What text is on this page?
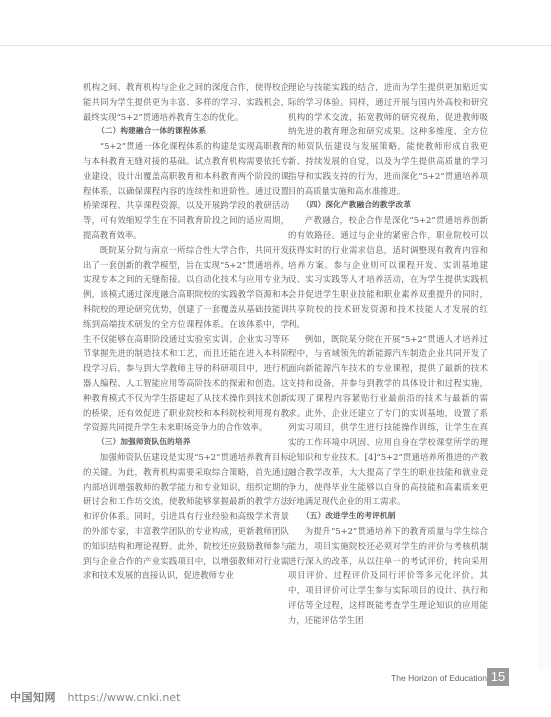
机构之间、教育机构与企业之间的深度合作，使得校企能共同为学生提供更为丰富、多样的学习、实践机会，最终实现“5+2”贯通培养教育生态的优化。

（二）构建融合一体的课程体系

“5+2”贯通一体化课程体系的构建是实现高职教育与本科教育无缝对接的基础。试点教育机构需要依托专业建设，设计出覆盖高职教育和本科教育两个阶段的课程体系，以确保课程内容的连续性和进阶性。通过设置桥梁课程、共享课程资源，以及开展跨学段的教研活动等，可有效缩短学生在不同教育阶段之间的适应周期，提高教育效率。

既院某分院与南京一所综合性大学合作，共同开发出了一套创新的教学模型，旨在实现“5+2”贯通培养，实现专本之间的无缝衔接。以自动化技术与应用专业为例，该模式通过深度融合高职院校的实践教学资源和本科院校的理论研究优势，创建了一套覆盖从基础技能训练到高端技术研发的全方位课程体系。在该体系中，学生不仅能够在高职阶段通过实验室实训、企业实习等环节掌握先进的制造技术和工艺，而且还能在进入本科阶段学习后，参与到大学教师主导的科研项目中，进行机器人编程、人工智能应用等高阶技术的探索和创造。这种教育模式不仅为学生搭建起了从技术操作到技术创新的桥梁，还有效促进了职业院校和本科院校利用现有教学资源共同提升学生未来职场竞争力的合作效率。

（三）加强师资队伍的培养

加强师资队伍建设是实现“5+2”贯通培养教育目标的关键。为此，教育机构需要采取综合策略，首先通过内部培训增强教师的教学能力和专业知识，组织定期的研讨会和工作坊交流，使教师能够掌握最新的教学方法和评价体系。同时，引进具有行业经验和高级学术背景的外部专家，丰富教学团队的专业构成，更新教师团队的知识结构和理论视野。此外，院校还应鼓励教师参与到与企业合作的产业实践项目中，以增强教师对行业需求和技术发展的直接认识，促进教师专业

理论与技能实践的结合，进而为学生提供更加贴近实际的学习体验。同样，通过开展与国内外高校和研究机构的学术交流，拓宽教师的研究视角，促进教师吸纳先进的教育理念和研究成果。这种多维度、全方位的师资队伍建设与发展策略，能使教师形成自我更新、持续发展的自觉，以及为学生提供高质量的学习指导和实践支持的行为，进而深化“5+2”贯通培养项目的高质量实施和高水准推进。

（四）深化产教融合的教学改革

产教融合，校企合作是深化“5+2”贯通培养创新的有效路径。通过与企业的紧密合作，职业院校可以获得实时的行业需求信息，适时调整现有教育内容和培养方案。参与企业则可以课程开发、实训基地建设、实习实践等人才培养活动，在为学生提供实践机会并促进学生职业技能和职业素养双重提升的同时，共享院校的技术研发资源和技术技能人才发展的红利。

例如，既院某分院在开展“5+2”贯通人才培养过程中，与省域领先的新能源汽车制造企业共同开发了面向新能源汽车技术的专业课程，提供了最新的技术支持和设备，并参与到教学的具体设计和过程实施，实现了课程内容紧贴行业最前沿的技术与最新的需求。此外，企业还建立了专门的实训基地，设置了系列实习项目，供学生进行技能操作训练，让学生在真实的工作环境中巩固、应用自身在学校课堂所学的理论知识和专业技术。[4]“5+2”贯通培养所推进的产教融合教学改革，大大提高了学生的职业技能和就业竞争力，使得毕业生能够以自身的高技能和高素质来更好地满足现代企业的用工需求。

（五）改进学生的考评机制

为提升“5+2”贯通培养下的教育质量与学生综合能力，项目实施院校还必须对学生的评价与考核机制进行深入的改革，从以往单一的考试评价，转向采用项目评价、过程评价及同行评价等多元化评价。其中，项目评价可让学生参与实际项目的设计、执行和评估等全过程，这样既能考查学生理论知识的应用能力，还能评估学生团

The Horizon of Education 15
中国知网 https://www.cnki.net
